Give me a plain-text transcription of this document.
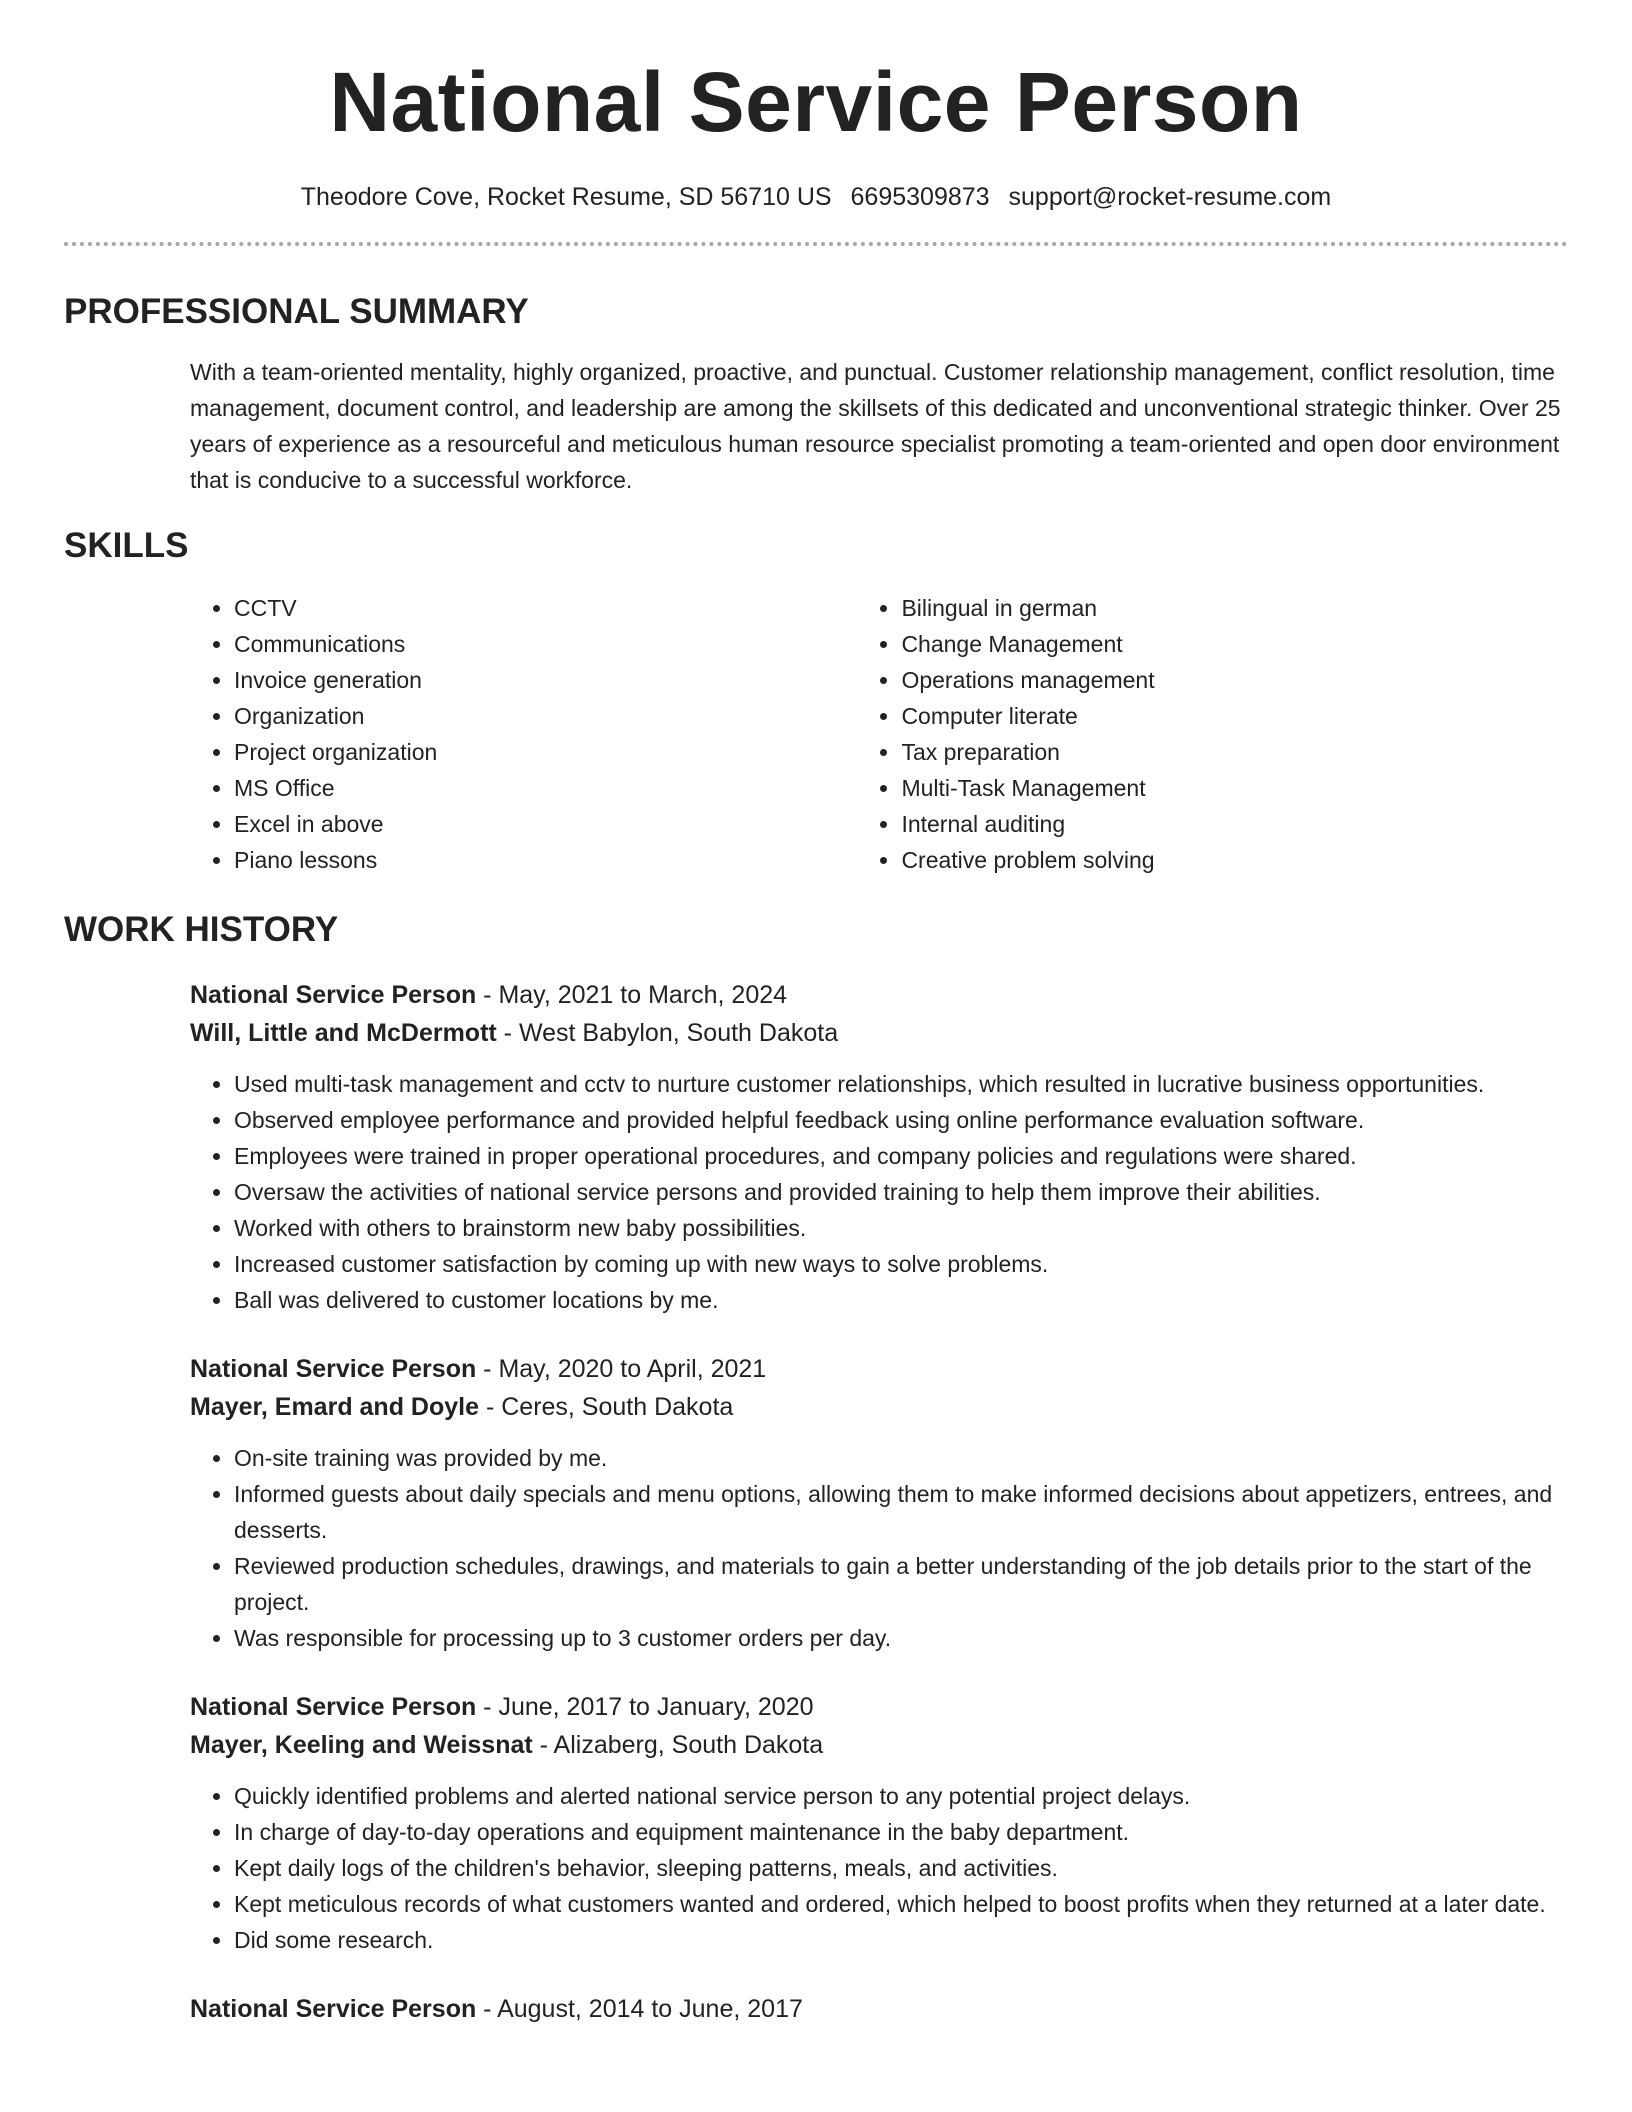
National Service Person
Theodore Cove, Rocket Resume, SD 56710 US 6695309873 support@rocket-resume.com
PROFESSIONAL SUMMARY

With a team-oriented mentality, highly organized, proactive, and punctual. Customer relationship management, conflict resolution, time management, document control, and leadership are among the skillsets of this dedicated and unconventional strategic thinker. Over 25 years of experience as a resourceful and meticulous human resource specialist promoting a team-oriented and open door environment that is conducive to a successful workforce.

SKILLS
• CCTV
• Communications
• Invoice generation
• Organization
• Project organization
• MS Office
• Excel in above
• Piano lessons
• Bilingual in german
• Change Management
• Operations management
• Computer literate
• Tax preparation
• Multi-Task Management
• Internal auditing
• Creative problem solving
WORK HISTORY
National Service Person - May, 2021 to March, 2024
Will, Little and McDermott - West Babylon, South Dakota
• Used multi-task management and cctv to nurture customer relationships, which resulted in lucrative business opportunities.
• Observed employee performance and provided helpful feedback using online performance evaluation software.
• Employees were trained in proper operational procedures, and company policies and regulations were shared.
• Oversaw the activities of national service persons and provided training to help them improve their abilities.
• Worked with others to brainstorm new baby possibilities.
• Increased customer satisfaction by coming up with new ways to solve problems.
• Ball was delivered to customer locations by me.
National Service Person - May, 2020 to April, 2021
Mayer, Emard and Doyle - Ceres, South Dakota
• On-site training was provided by me.
• Informed guests about daily specials and menu options, allowing them to make informed decisions about appetizers, entrees, and desserts.
• Reviewed production schedules, drawings, and materials to gain a better understanding of the job details prior to the start of the project.
• Was responsible for processing up to 3 customer orders per day.
National Service Person - June, 2017 to January, 2020
Mayer, Keeling and Weissnat - Alizaberg, South Dakota
• Quickly identified problems and alerted national service person to any potential project delays.
• In charge of day-to-day operations and equipment maintenance in the baby department.
• Kept daily logs of the children's behavior, sleeping patterns, meals, and activities.
• Kept meticulous records of what customers wanted and ordered, which helped to boost profits when they returned at a later date.
• Did some research.
National Service Person - August, 2014 to June, 2017
